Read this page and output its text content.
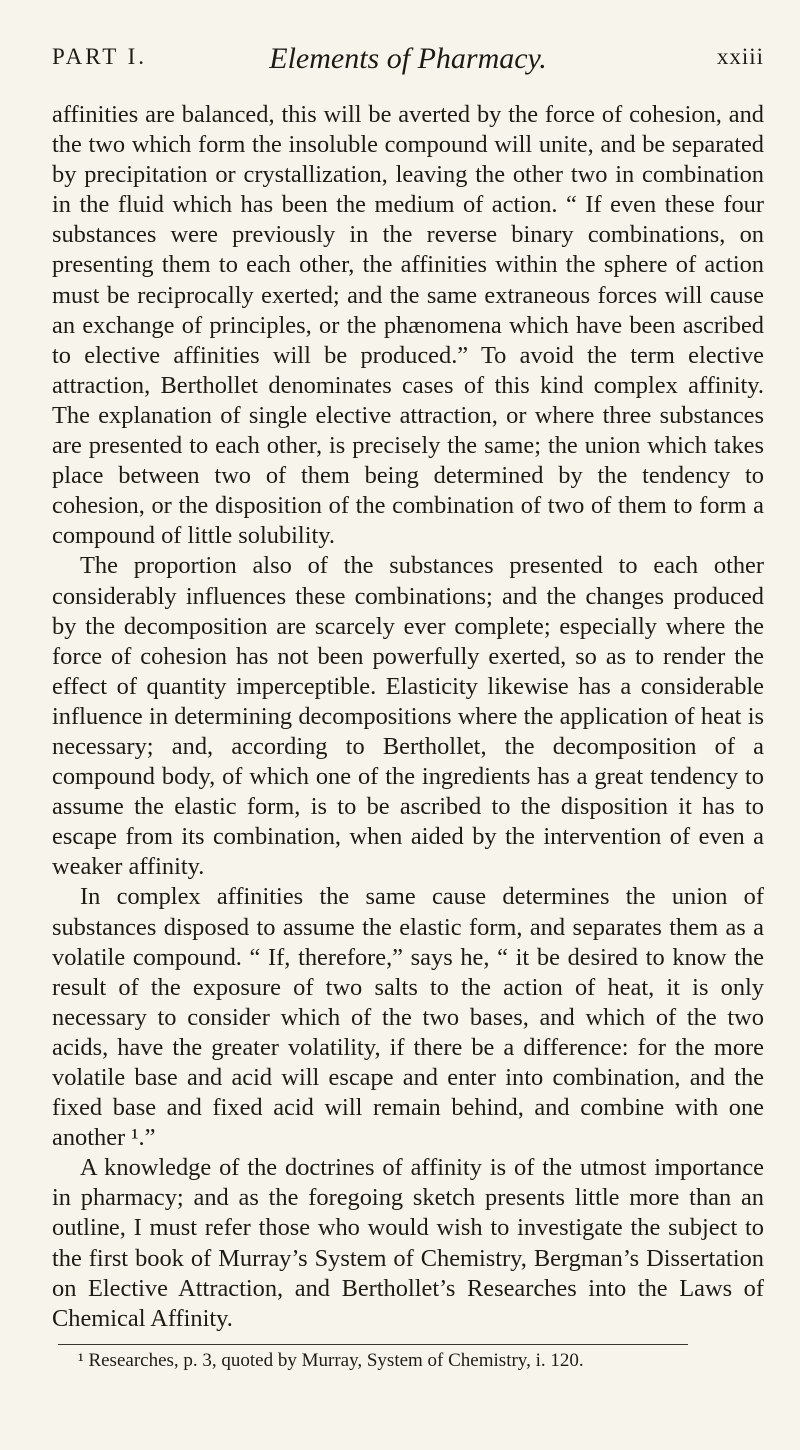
PART I.	Elements of Pharmacy.	xxiii

affinities are balanced, this will be averted by the force of cohesion, and the two which form the insoluble compound will unite, and be separated by precipitation or crystallization, leaving the other two in combination in the fluid which has been the medium of action. “ If even these four substances were previously in the reverse binary combinations, on presenting them to each other, the affinities within the sphere of action must be reciprocally exerted; and the same extraneous forces will cause an exchange of principles, or the phænomena which have been ascribed to elective affinities will be produced.” To avoid the term elective attraction, Berthollet denominates cases of this kind complex affinity. The explanation of single elective attraction, or where three substances are presented to each other, is precisely the same; the union which takes place between two of them being determined by the tendency to cohesion, or the disposition of the combination of two of them to form a compound of little solubility.

The proportion also of the substances presented to each other considerably influences these combinations; and the changes produced by the decomposition are scarcely ever complete; especially where the force of cohesion has not been powerfully exerted, so as to render the effect of quantity imperceptible. Elasticity likewise has a considerable influence in determining decompositions where the application of heat is necessary; and, according to Berthollet, the decomposition of a compound body, of which one of the ingredients has a great tendency to assume the elastic form, is to be ascribed to the disposition it has to escape from its combination, when aided by the intervention of even a weaker affinity.

In complex affinities the same cause determines the union of substances disposed to assume the elastic form, and separates them as a volatile compound. “ If, therefore,” says he, “ it be desired to know the result of the exposure of two salts to the action of heat, it is only necessary to consider which of the two bases, and which of the two acids, have the greater volatility, if there be a difference: for the more volatile base and acid will escape and enter into combination, and the fixed base and fixed acid will remain behind, and combine with one another ¹.”

A knowledge of the doctrines of affinity is of the utmost importance in pharmacy; and as the foregoing sketch presents little more than an outline, I must refer those who would wish to investigate the subject to the first book of Murray’s System of Chemistry, Bergman’s Dissertation on Elective Attraction, and Berthollet’s Researches into the Laws of Chemical Affinity.

¹ Researches, p. 3, quoted by Murray, System of Chemistry, i. 120.
